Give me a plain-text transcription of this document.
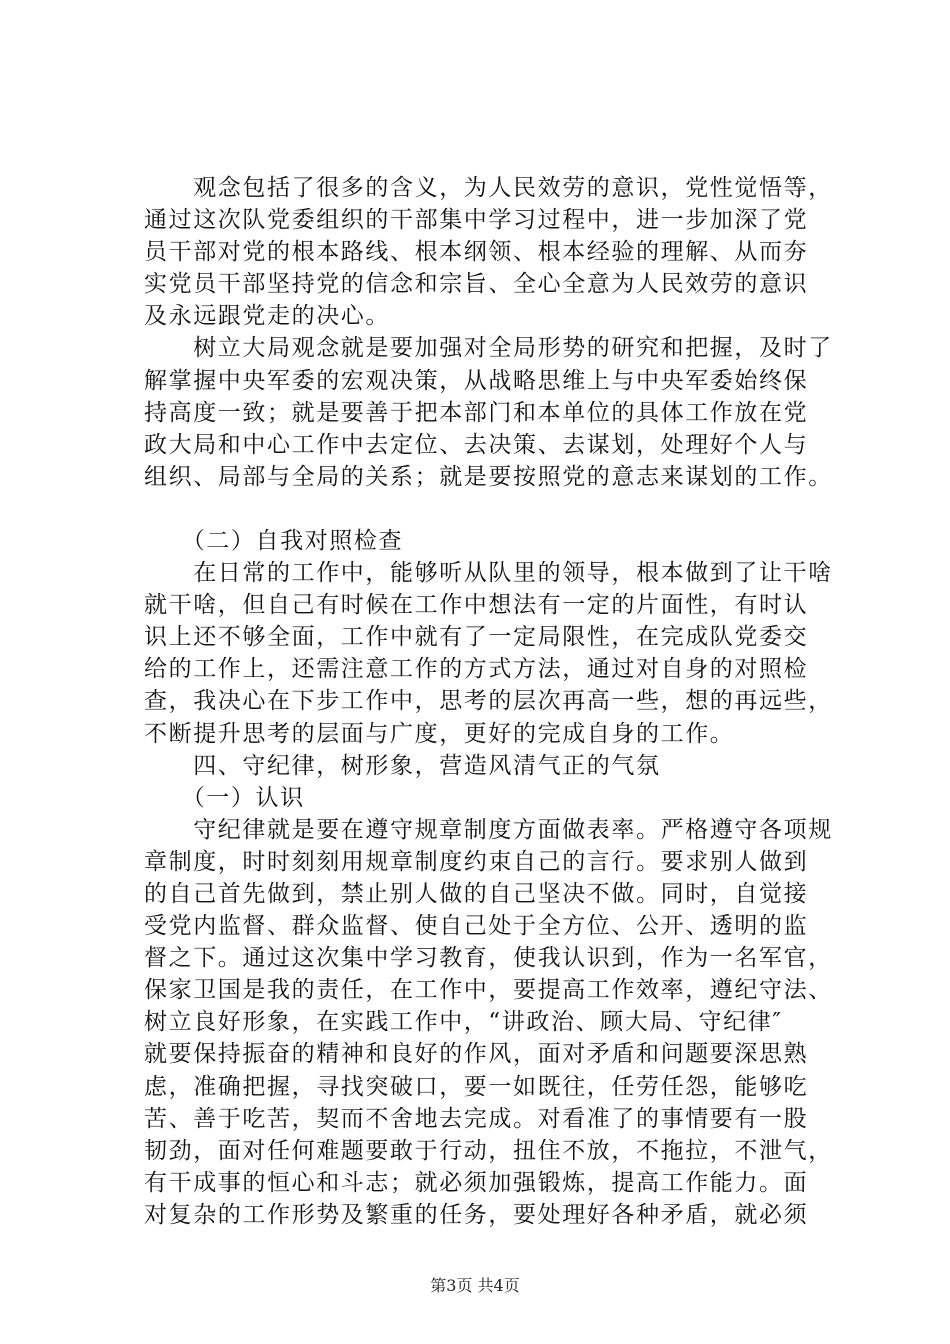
　　观念包括了很多的含义，为人民效劳的意识，党性觉悟等，
通过这次队党委组织的干部集中学习过程中，进一步加深了党
员干部对党的根本路线、根本纲领、根本经验的理解、从而夯
实党员干部坚持党的信念和宗旨、全心全意为人民效劳的意识
及永远跟党走的决心。
　　树立大局观念就是要加强对全局形势的研究和把握，及时了
解掌握中央军委的宏观决策，从战略思维上与中央军委始终保
持高度一致；就是要善于把本部门和本单位的具体工作放在党
政大局和中心工作中去定位、去决策、去谋划，处理好个人与
组织、局部与全局的关系；就是要按照党的意志来谋划的工作。
　　（二）自我对照检查
　　在日常的工作中，能够听从队里的领导，根本做到了让干啥
就干啥，但自己有时候在工作中想法有一定的片面性，有时认
识上还不够全面，工作中就有了一定局限性，在完成队党委交
给的工作上，还需注意工作的方式方法，通过对自身的对照检
查，我决心在下步工作中，思考的层次再高一些，想的再远些，
不断提升思考的层面与广度，更好的完成自身的工作。
　　四、守纪律，树形象，营造风清气正的气氛
　　（一）认识
　　守纪律就是要在遵守规章制度方面做表率。严格遵守各项规
章制度，时时刻刻用规章制度约束自己的言行。要求别人做到
的自己首先做到，禁止别人做的自己坚决不做。同时，自觉接
受党内监督、群众监督、使自己处于全方位、公开、透明的监
督之下。通过这次集中学习教育，使我认识到，作为一名军官，
保家卫国是我的责任，在工作中，要提高工作效率，遵纪守法、
树立良好形象，在实践工作中，“讲政治、顾大局、守纪律″
就要保持振奋的精神和良好的作风，面对矛盾和问题要深思熟
虑，准确把握，寻找突破口，要一如既往，任劳任怨，能够吃
苦、善于吃苦，契而不舍地去完成。对看准了的事情要有一股
韧劲，面对任何难题要敢于行动，扭住不放，不拖拉，不泄气，
有干成事的恒心和斗志；就必须加强锻炼，提高工作能力。面
对复杂的工作形势及繁重的任务，要处理好各种矛盾，就必须
第3页 共4页
